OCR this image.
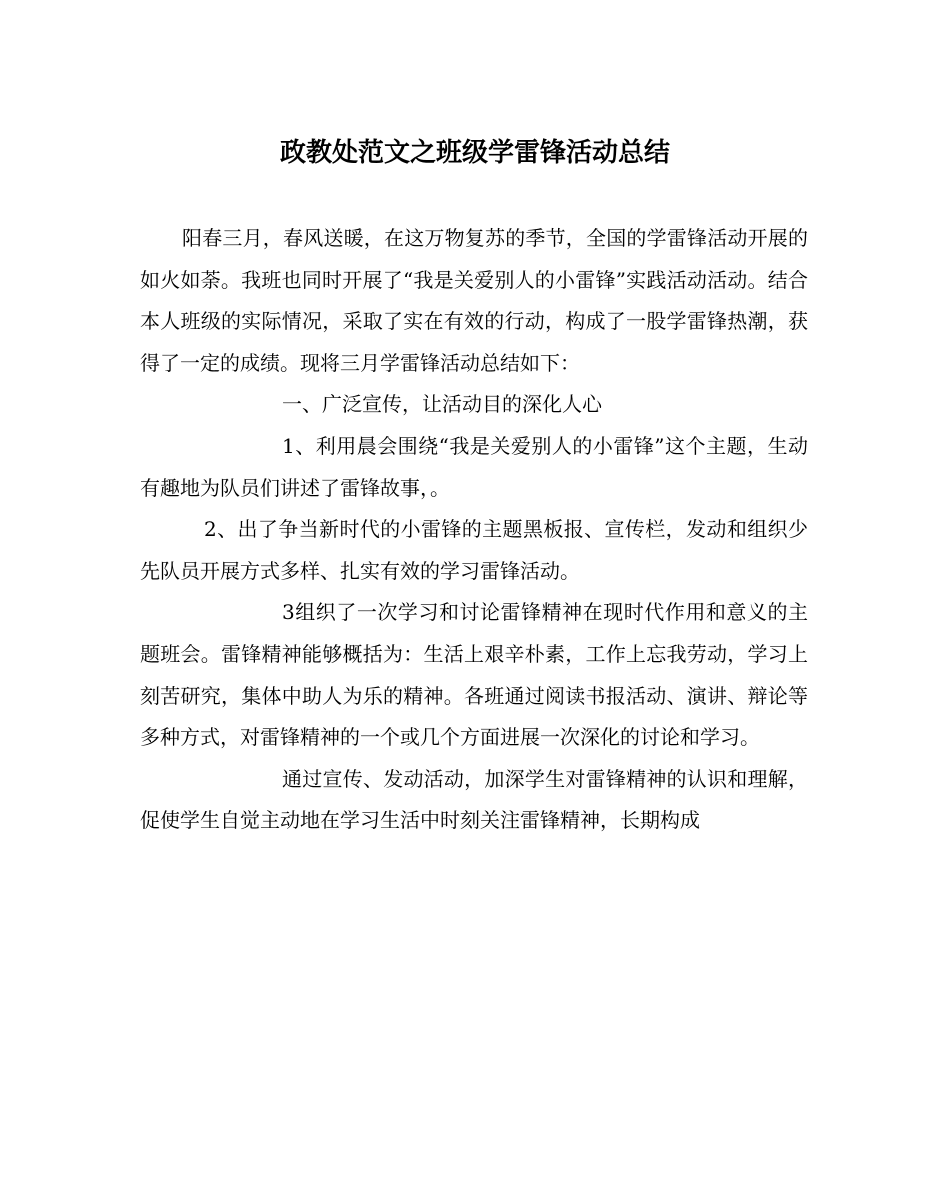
政教处范文之班级学雷锋活动总结

阳春三月，春风送暖，在这万物复苏的季节，全国的学雷锋活动开展的如火如荼。我班也同时开展了“我是关爱别人的小雷锋”实践活动活动。结合本人班级的实际情况，采取了实在有效的行动，构成了一股学雷锋热潮，获得了一定的成绩。现将三月学雷锋活动总结如下：

一、广泛宣传，让活动目的深化人心

1、利用晨会围绕“我是关爱别人的小雷锋”这个主题，生动有趣地为队员们讲述了雷锋故事，。

2、出了争当新时代的小雷锋的主题黑板报、宣传栏，发动和组织少先队员开展方式多样、扎实有效的学习雷锋活动。

3组织了一次学习和讨论雷锋精神在现时代作用和意义的主题班会。雷锋精神能够概括为：生活上艰辛朴素，工作上忘我劳动，学习上刻苦研究，集体中助人为乐的精神。各班通过阅读书报活动、演讲、辩论等多种方式，对雷锋精神的一个或几个方面进展一次深化的讨论和学习。

通过宣传、发动活动，加深学生对雷锋精神的认识和理解，促使学生自觉主动地在学习生活中时刻关注雷锋精神，长期构成
